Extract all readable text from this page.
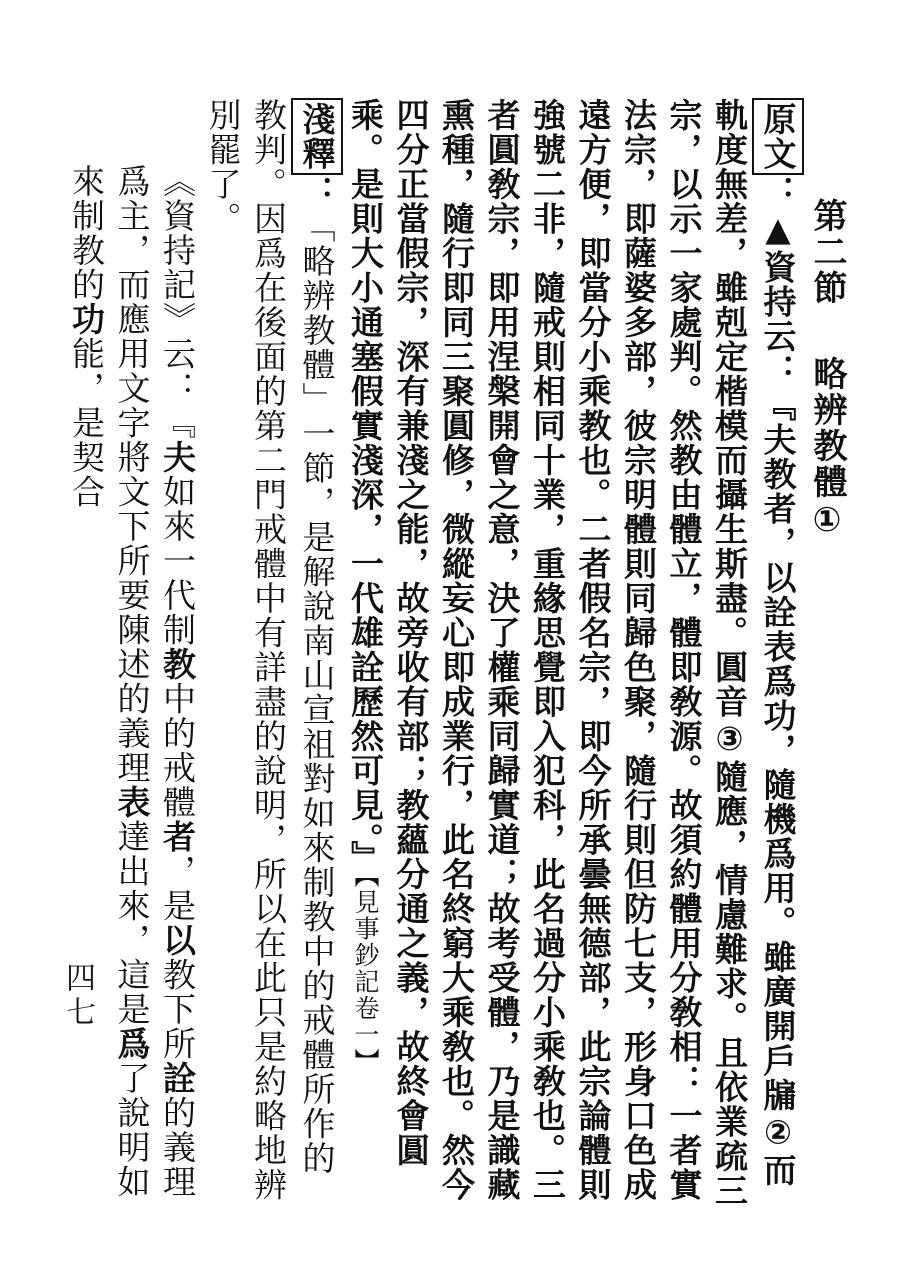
第二節略辨教體①
原文：▲資持云：『夫教者，以詮表爲功，隨機爲用。雖廣開戶牖②而軌度無差，雖剋定楷模而攝生斯盡。圓音③隨應，情慮難求。且依業疏三宗，以示一家處判。然教由體立，體即敎源。故須約體用分敎相：一者實法宗，即薩婆多部，彼宗明體則同歸色聚，隨行則但防七支，形身口色成遠方便，即當分小乘教也。二者假名宗，即今所承曇無德部，此宗論體則強號二非，隨戒則相同十業，重緣思覺即入犯科，此名過分小乘敎也。三者圓敎宗，即用涅槃開會之意，決了權乘同歸實道；故考受體，乃是識藏熏種，隨行即同三聚圓修，微縱妄心即成業行，此名終窮大乘敎也。然今四分正當假宗，深有兼淺之能，故旁收有部；教蘊分通之義，故終會圓乘。是則大小通塞假實淺深，一代雄詮歷然可見。』【見事鈔記卷一】
淺釋：「略辨教體」一節，是解說南山宣祖對如來制教中的戒體所作的教判。因爲在後面的第二門戒體中有詳盡的說明，所以在此只是約略地辨別罷了。
《資持記》云：『夫如來一代制教中的戒體者，是以教下所詮的義理爲主，而應用文字將文下所要陳述的義理表達出來，這是爲了說明如來制教的功能，是契合
四七
